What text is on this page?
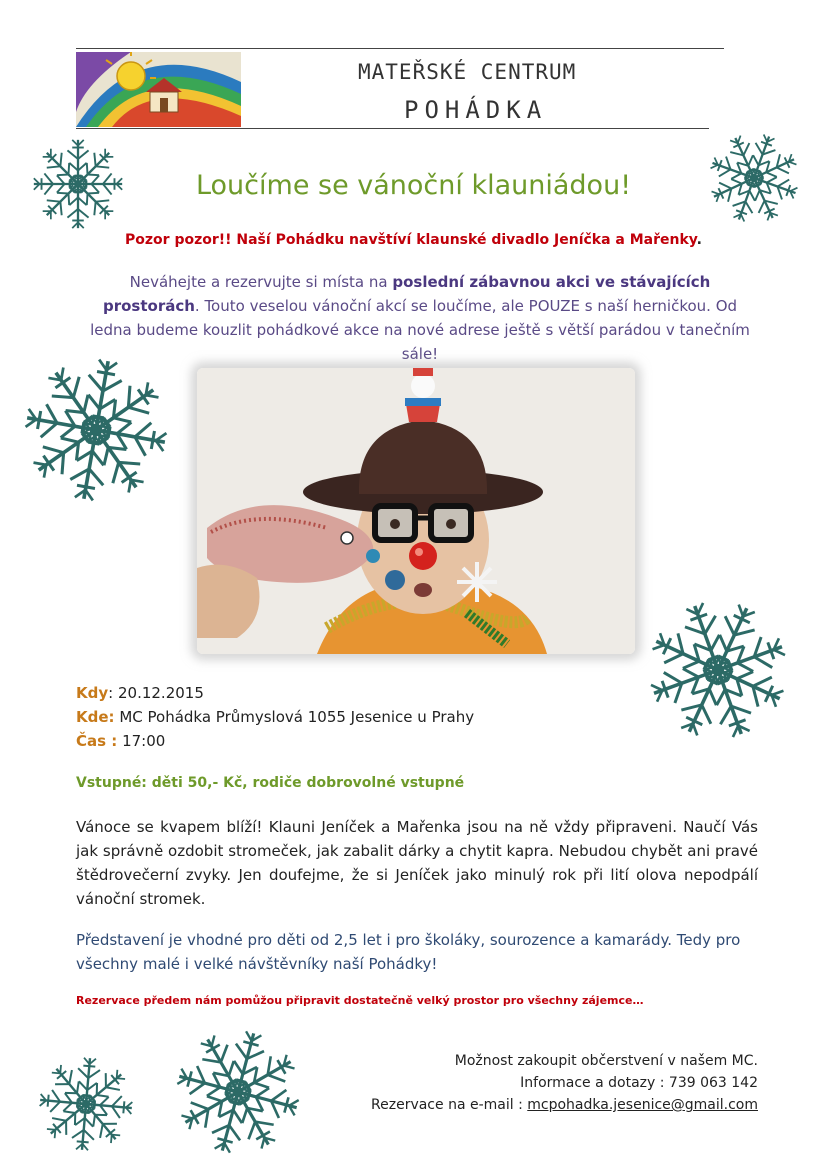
MATEŘSKÉ CENTRUM
POHÁDKA
Loučíme se vánoční klauniádou!
Pozor pozor!! Naší Pohádku navštíví klaunské divadlo Jeníčka a Mařenky.
Neváhejte a rezervujte si místa na poslední zábavnou akci ve stávajících prostorách. Touto veselou vánoční akcí se loučíme, ale POUZE s naší herničkou. Od ledna budeme kouzlit pohádkové akce na nové adrese ještě s větší parádou v tanečním sále!
Kdy: 20.12.2015
Kde: MC Pohádka Průmyslová 1055 Jesenice u Prahy
Čas : 17:00
Vstupné: děti 50,- Kč, rodiče dobrovolné vstupné
Vánoce se kvapem blíží! Klauni Jeníček a Mařenka jsou na ně vždy připraveni. Naučí Vás jak správně ozdobit stromeček, jak zabalit dárky a chytit kapra. Nebudou chybět ani pravé štědrovečerní zvyky. Jen doufejme, že si Jeníček jako minulý rok při lití olova nepodpálí vánoční stromek.
Představení je vhodné pro děti od 2,5 let i pro školáky, sourozence a kamarády. Tedy pro všechny malé i velké návštěvníky naší Pohádky!
Rezervace předem nám pomůžou připravit dostatečně velký prostor pro všechny zájemce…
Možnost zakoupit občerstvení v našem MC.
Informace a dotazy : 739 063 142
Rezervace na e-mail : mcpohadka.jesenice@gmail.com
